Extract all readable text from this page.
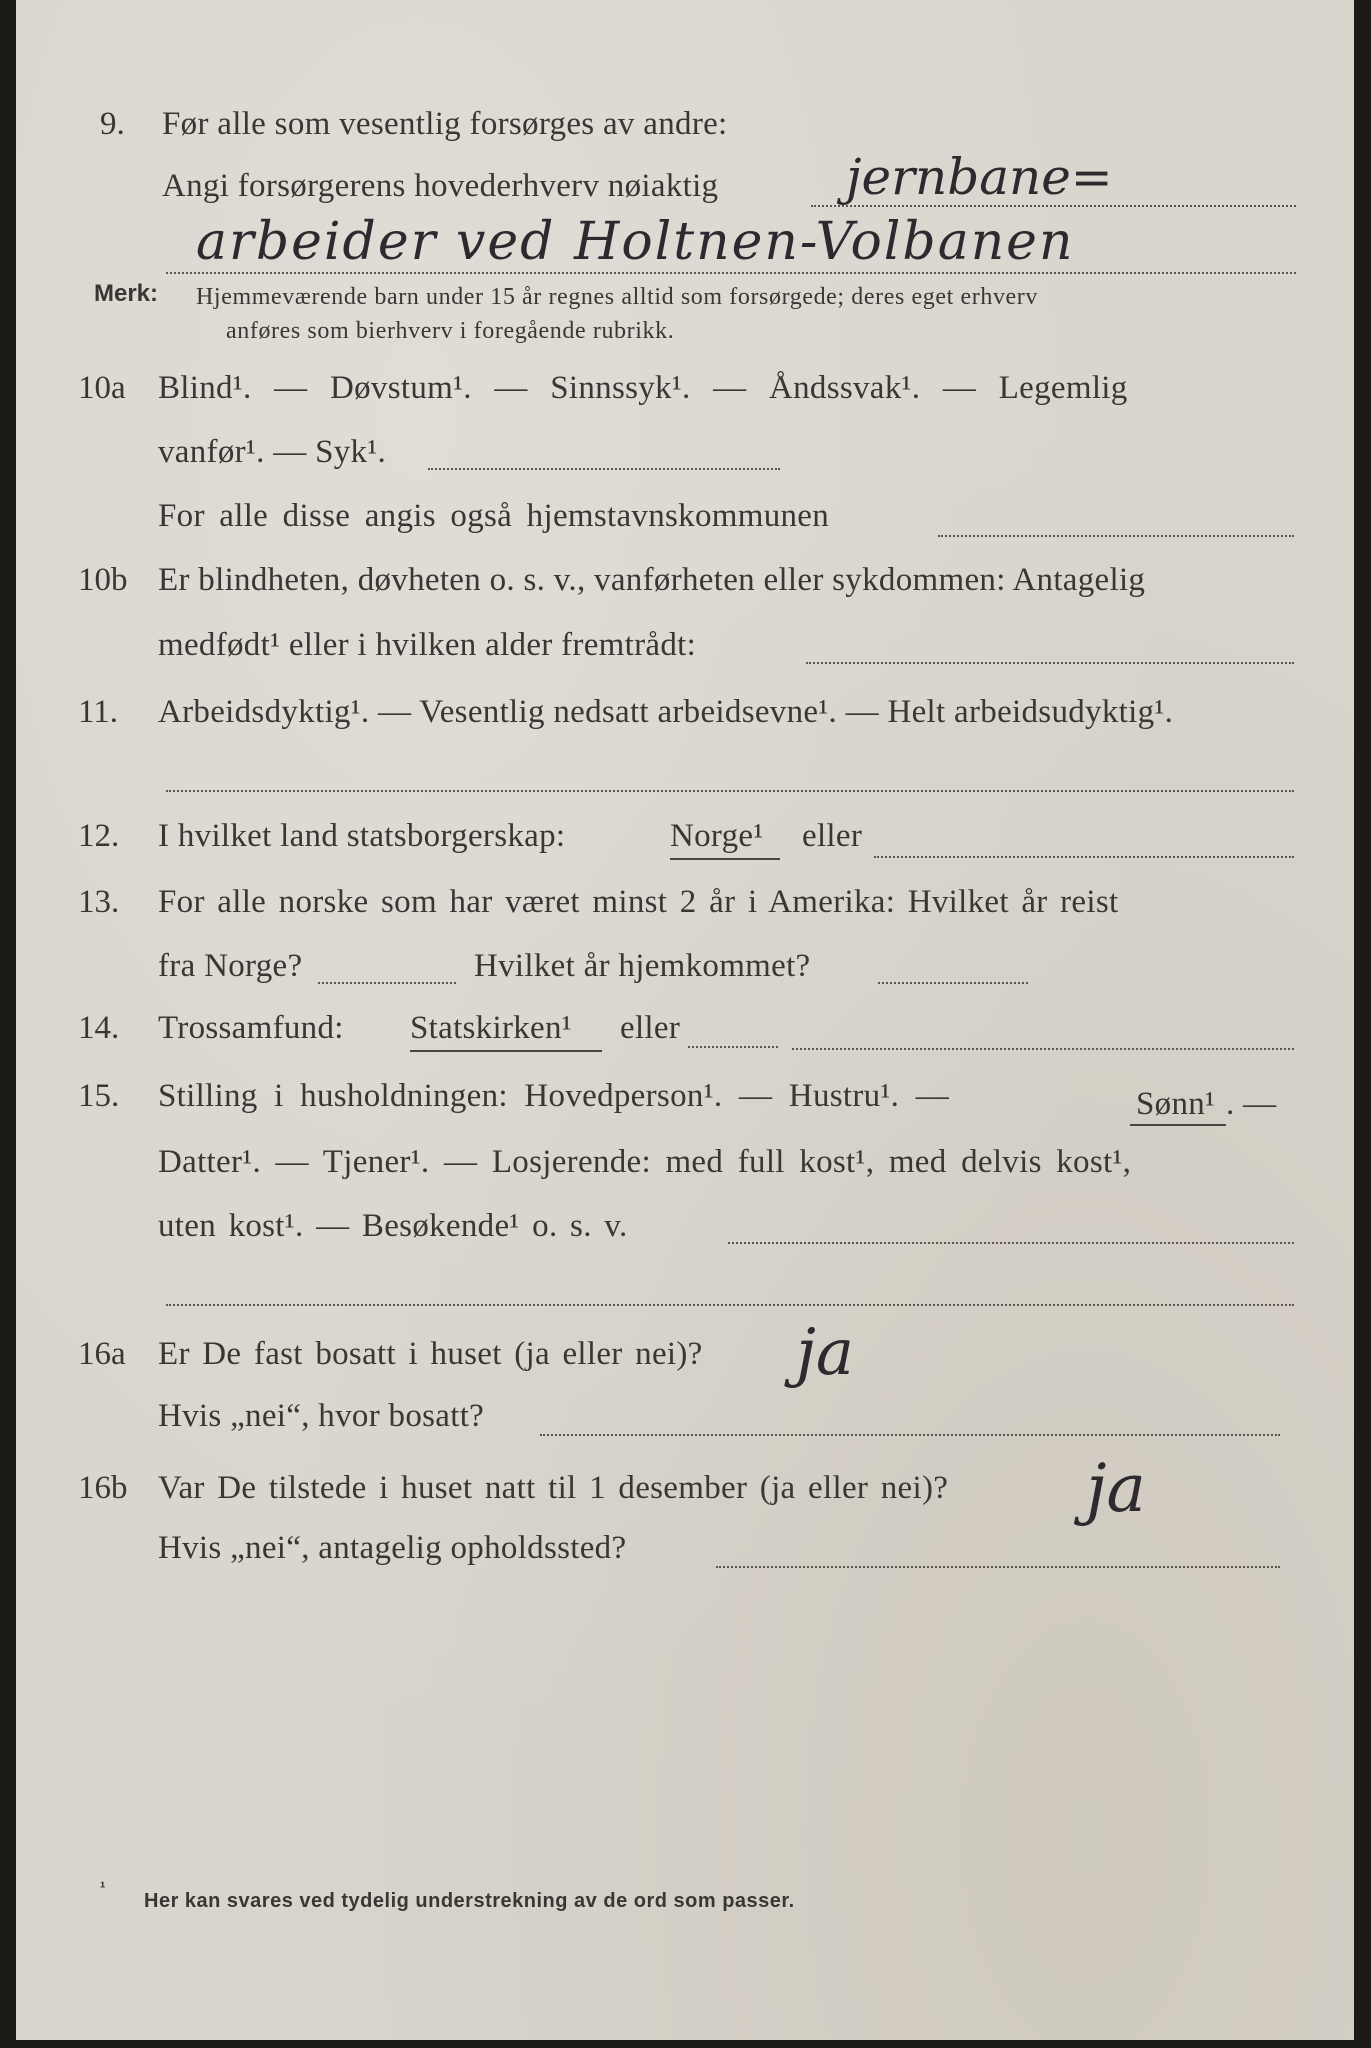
9. Før alle som vesentlig forsørges av andre:
Angi forsørgerens hovederhverv nøiaktig	jernbane=
arbeider ved Holtnen-Volbanen
Merk: Hjemmeværende barn under 15 år regnes alltid som forsørgede; deres eget erhverv
anføres som bierhverv i foregående rubrikk.
10a Blind¹. — Døvstum¹. — Sinnssyk¹. — Åndssvak¹. — Legemlig
vanfør¹. — Syk¹.
For alle disse angis også hjemstavnskommunen
10b Er blindheten, døvheten o. s. v., vanførheten eller sykdommen: Antagelig
medfødt¹ eller i hvilken alder fremtrådt:
11. Arbeidsdyktig¹. — Vesentlig nedsatt arbeidsevne¹. — Helt arbeidsudyktig¹.
12. I hvilket land statsborgerskap:	Norge¹ eller
13. For alle norske som har været minst 2 år i Amerika: Hvilket år reist
fra Norge?	Hvilket år hjemkommet?
14. Trossamfund: Statskirken¹ eller
15. Stilling i husholdningen: Hovedperson¹. — Hustru¹. —	Sønn¹ . —
Datter¹. — Tjener¹. — Losjerende: med full kost¹, med delvis kost¹,
uten kost¹. — Besøkende¹ o. s. v.
16a Er De fast bosatt i huset (ja eller nei)?
Hvis „nei“, hvor bosatt?
ja
16b Var De tilstede i huset natt til 1 desember (ja eller nei)?
Hvis „nei“, antagelig opholdssted?
ja
¹
Her kan svares ved tydelig understrekning av de ord som passer.
